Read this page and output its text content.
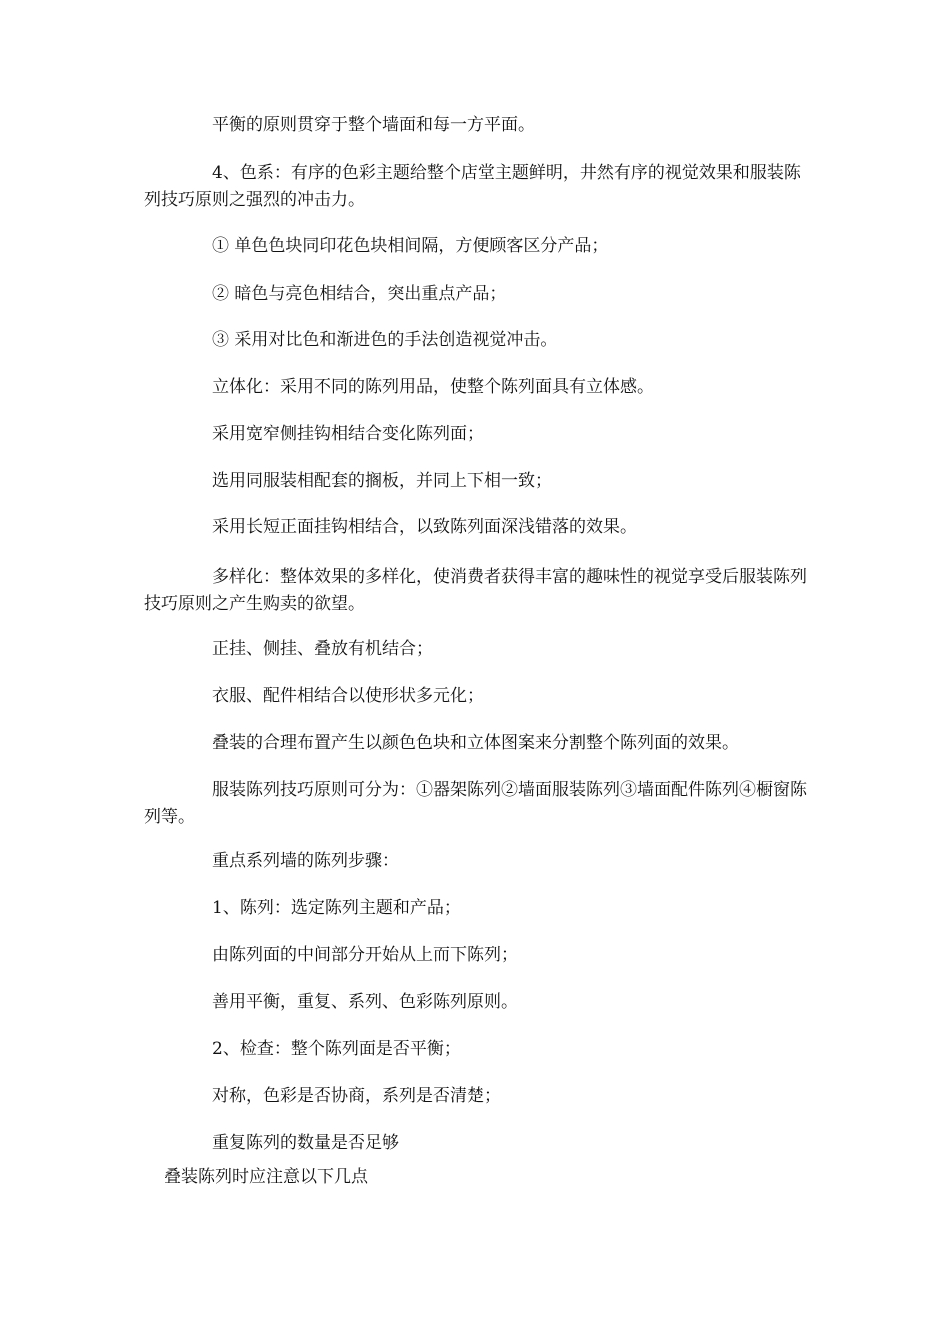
平衡的原则贯穿于整个墙面和每一方平面。

4、色系：有序的色彩主题给整个店堂主题鲜明，井然有序的视觉效果和服装陈列技巧原则之强烈的冲击力。

① 单色色块同印花色块相间隔，方便顾客区分产品；

② 暗色与亮色相结合，突出重点产品；

③ 采用对比色和渐进色的手法创造视觉冲击。

立体化：采用不同的陈列用品，使整个陈列面具有立体感。

采用宽窄侧挂钩相结合变化陈列面；

选用同服装相配套的搁板，并同上下相一致；

采用长短正面挂钩相结合，以致陈列面深浅错落的效果。

多样化：整体效果的多样化，使消费者获得丰富的趣味性的视觉享受后服装陈列技巧原则之产生购卖的欲望。

正挂、侧挂、叠放有机结合；

衣服、配件相结合以使形状多元化；

叠装的合理布置产生以颜色色块和立体图案来分割整个陈列面的效果。

服装陈列技巧原则可分为：①器架陈列②墙面服装陈列③墙面配件陈列④橱窗陈列等。

重点系列墙的陈列步骤：

1、陈列：选定陈列主题和产品；

由陈列面的中间部分开始从上而下陈列；

善用平衡，重复、系列、色彩陈列原则。

2、检查：整个陈列面是否平衡；

对称，色彩是否协商，系列是否清楚；

重复陈列的数量是否足够

叠装陈列时应注意以下几点
